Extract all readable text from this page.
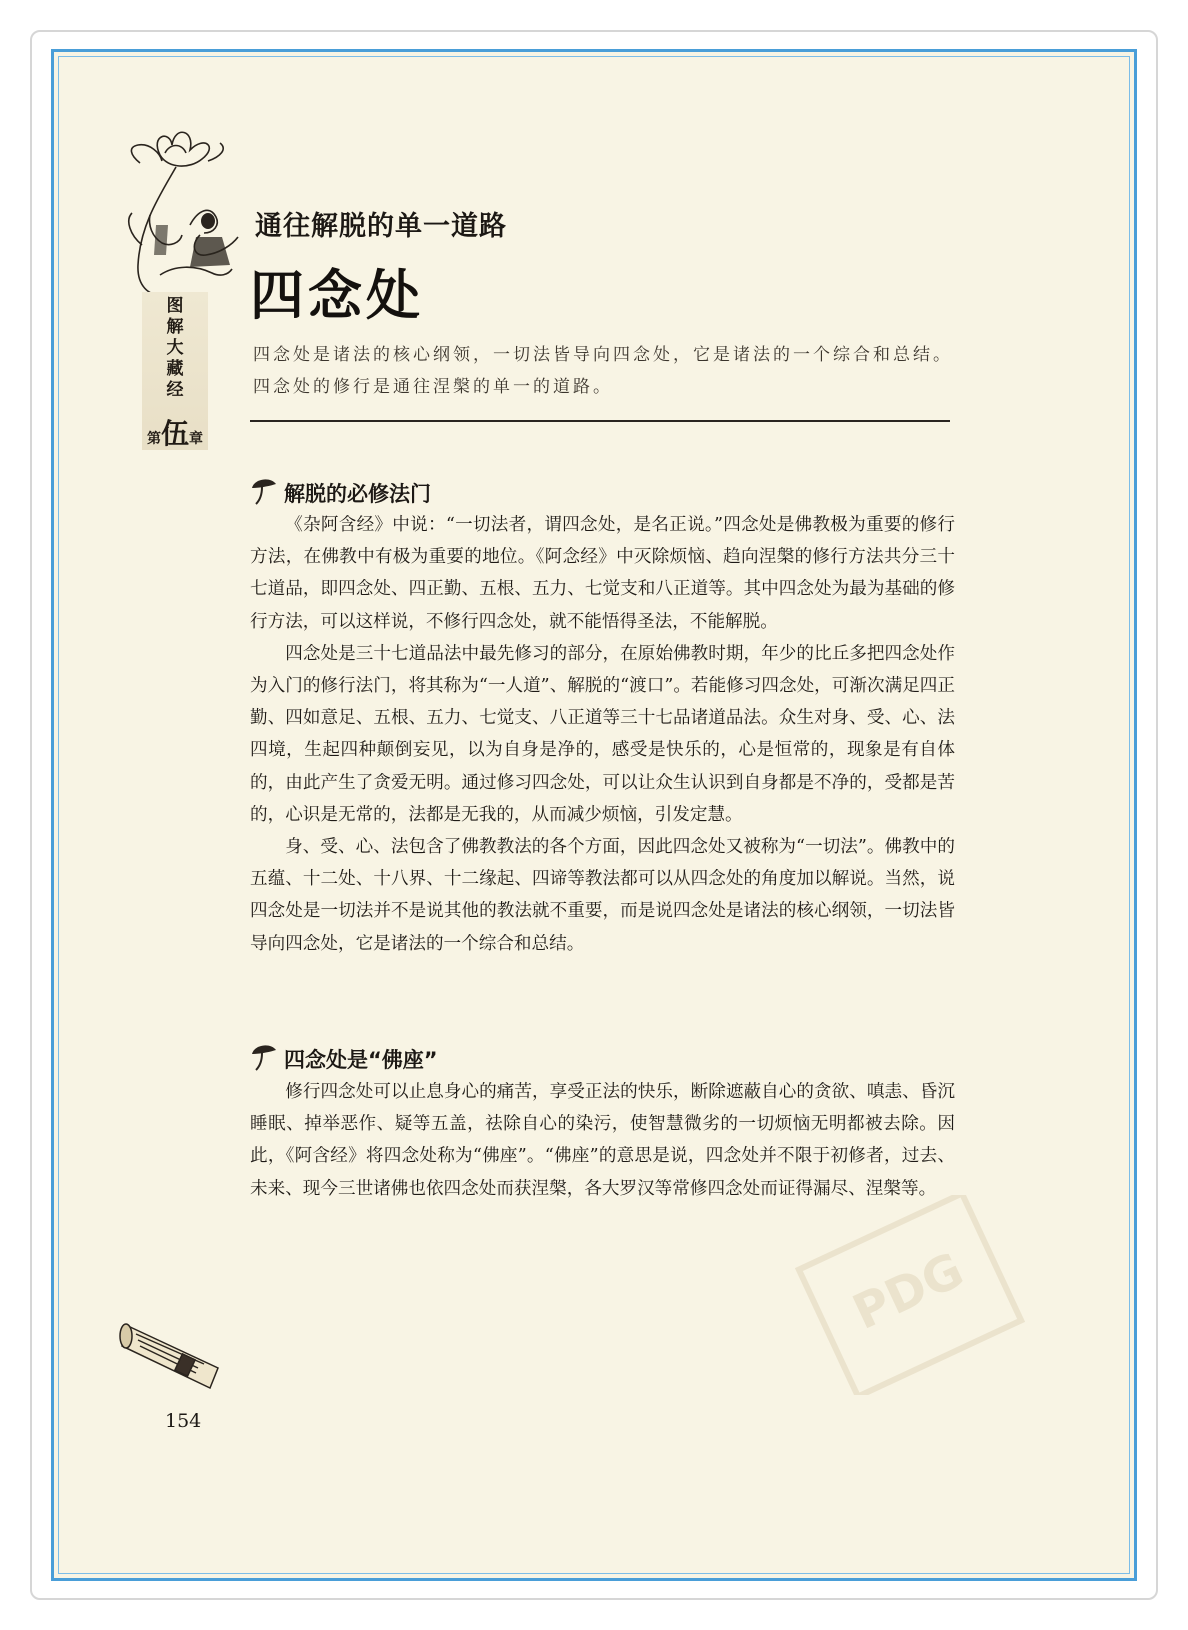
图
解
大
藏
经
第伍章
通往解脱的单一道路
四念处
四念处是诸法的核心纲领，一切法皆导向四念处，它是诸法的一个综合和总结。四念处的修行是通往涅槃的单一的道路。
解脱的必修法门

《杂阿含经》中说：“一切法者，谓四念处，是名正说。”四念处是佛教极为重要的修行方法，在佛教中有极为重要的地位。《阿念经》中灭除烦恼、趋向涅槃的修行方法共分三十七道品，即四念处、四正勤、五根、五力、七觉支和八正道等。其中四念处为最为基础的修行方法，可以这样说，不修行四念处，就不能悟得圣法，不能解脱。

四念处是三十七道品法中最先修习的部分，在原始佛教时期，年少的比丘多把四念处作为入门的修行法门，将其称为“一人道”、解脱的“渡口”。若能修习四念处，可渐次满足四正勤、四如意足、五根、五力、七觉支、八正道等三十七品诸道品法。众生对身、受、心、法四境，生起四种颠倒妄见，以为自身是净的，感受是快乐的，心是恒常的，现象是有自体的，由此产生了贪爱无明。通过修习四念处，可以让众生认识到自身都是不净的，受都是苦的，心识是无常的，法都是无我的，从而减少烦恼，引发定慧。

身、受、心、法包含了佛教教法的各个方面，因此四念处又被称为“一切法”。佛教中的五蕴、十二处、十八界、十二缘起、四谛等教法都可以从四念处的角度加以解说。当然，说四念处是一切法并不是说其他的教法就不重要，而是说四念处是诸法的核心纲领，一切法皆导向四念处，它是诸法的一个综合和总结。

四念处是“佛座”

修行四念处可以止息身心的痛苦，享受正法的快乐，断除遮蔽自心的贪欲、嗔恚、昏沉睡眠、掉举恶作、疑等五盖，祛除自心的染污，使智慧微劣的一切烦恼无明都被去除。因此，《阿含经》将四念处称为“佛座”。“佛座”的意思是说，四念处并不限于初修者，过去、未来、现今三世诸佛也依四念处而获涅槃，各大罗汉等常修四念处而证得漏尽、涅槃等。

PDG
154
